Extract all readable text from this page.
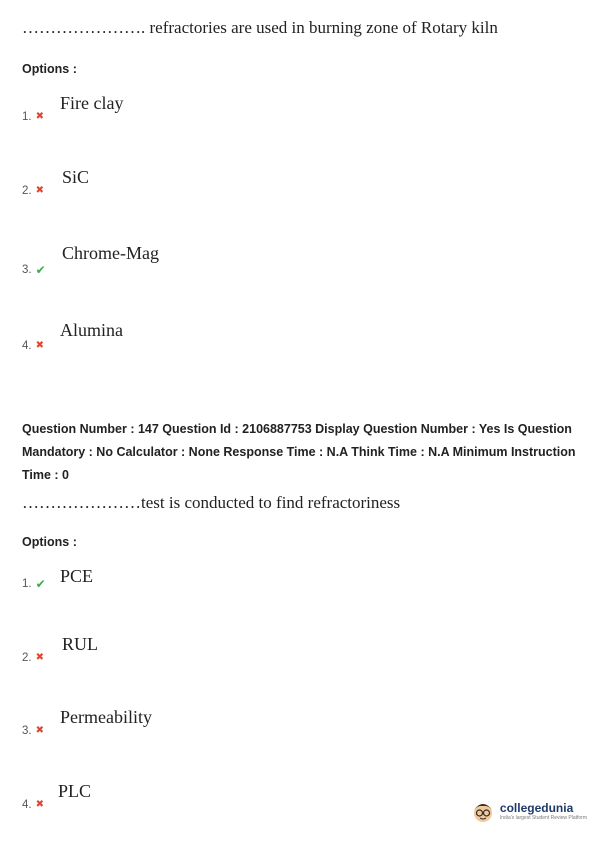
…………………. refractories are used in burning zone of Rotary kiln
Options :
Fire clay
1. ✖
SiC
2. ✖
Chrome-Mag
3. ✔
Alumina
4. ✖
Question Number : 147 Question Id : 2106887753 Display Question Number : Yes Is Question Mandatory : No Calculator : None Response Time : N.A Think Time : N.A Minimum Instruction Time : 0
…………………test is conducted to find refractoriness
Options :
PCE
1. ✔
RUL
2. ✖
Permeability
3. ✖
PLC
4. ✖	collegedunia
India's largest Student Review Platform
